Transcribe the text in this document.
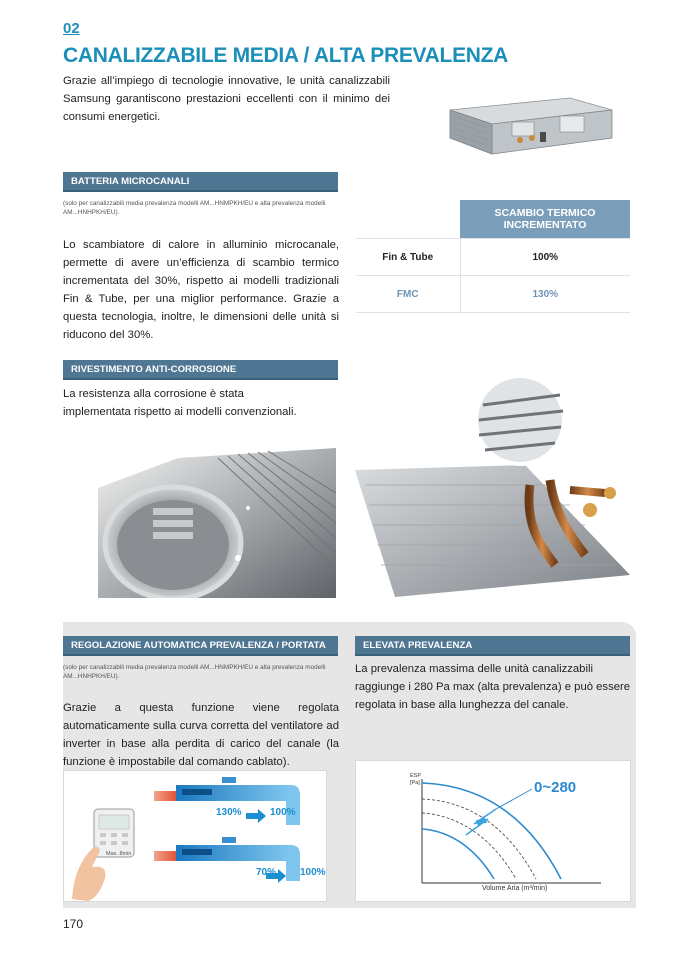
02
CANALIZZABILE MEDIA / ALTA PREVALENZA
Grazie all’impiego di tecnologie innovative, le unità canalizzabili Samsung garantiscono prestazioni eccellenti con il minimo dei consumi energetici.
BATTERIA MICROCANALI
(solo per canalizzabili media prevalenza modelli AM...HNMPKH/EU e alta prevalenza modelli AM...HNHPKH/EU).
Lo scambiatore di calore in alluminio microcanale, permette di avere un’efficienza di scambio termico incrementata del 30%, rispetto ai modelli tradizionali Fin & Tube, per una miglior performance. Grazie a questa tecnologia, inoltre, le dimensioni delle unità si riducono del 30%.
	SCAMBIO TERMICO INCREMENTATO
Fin & Tube	100%
FMC	130%
RIVESTIMENTO ANTI-CORROSIONE
La resistenza alla corrosione è stata implementata rispetto ai modelli convenzionali.
REGOLAZIONE AUTOMATICA PREVALENZA / PORTATA
(solo per canalizzabili media prevalenza modelli AM...HNMPKH/EU e alta prevalenza modelli AM...HNHPKH/EU).
Grazie a questa funzione viene regolata automaticamente sulla curva corretta del ventilatore ad inverter in base alla perdita di carico del canale (la funzione è impostabile dal comando cablato).
130%	100%
70% 100%
Max. 8min
ELEVATA PREVALENZA
La prevalenza massima delle unità canalizzabili raggiunge i 280 Pa max (alta prevalenza) e può essere regolata in base alla lunghezza del canale.
ESP
[Pa]	0~280
Volume Aria (m³/min)
170
